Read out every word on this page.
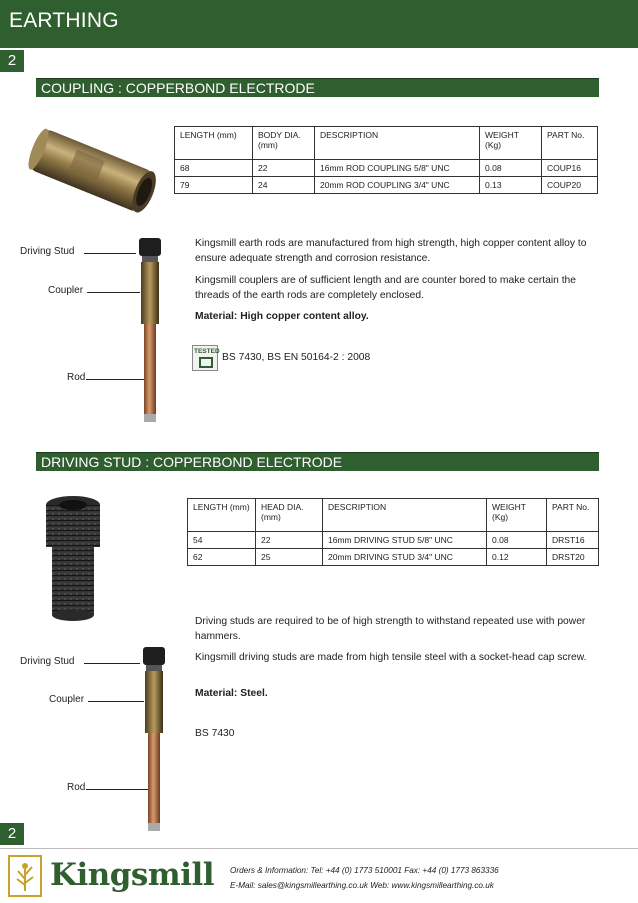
EARTHING
2
COUPLING : COPPERBOND ELECTRODE
LENGTH (mm)	BODY DIA. (mm)	DESCRIPTION	WEIGHT (Kg)	PART No.
68	22	16mm ROD COUPLING 5/8" UNC	0.08	COUP16
79	24	20mm ROD COUPLING 3/4" UNC	0.13	COUP20
Driving Stud
Coupler
Rod
Kingsmill earth rods are manufactured from high strength, high copper content alloy to ensure adequate strength and corrosion resistance.
Kingsmill couplers are of sufficient length and are counter bored to make certain the threads of the earth rods are completely enclosed.
Material: High copper content alloy.
TESTED
BS 7430, BS EN 50164-2 : 2008
DRIVING STUD : COPPERBOND ELECTRODE
LENGTH (mm)	HEAD DIA. (mm)	DESCRIPTION	WEIGHT (Kg)	PART No.
54	22	16mm DRIVING STUD 5/8" UNC	0.08	DRST16
62	25	20mm DRIVING STUD 3/4" UNC	0.12	DRST20
Driving Stud
Coupler
Rod
Driving studs are required to be of high strength to withstand repeated use with power hammers.
Kingsmill driving studs are made from high tensile steel with a socket-head cap screw.
Material: Steel.
BS 7430
2
Kingsmill Orders & Information: Tel: +44 (0) 1773 510001 Fax: +44 (0) 1773 863336
E-Mail: sales@kingsmillearthing.co.uk Web: www.kingsmillearthing.co.uk
